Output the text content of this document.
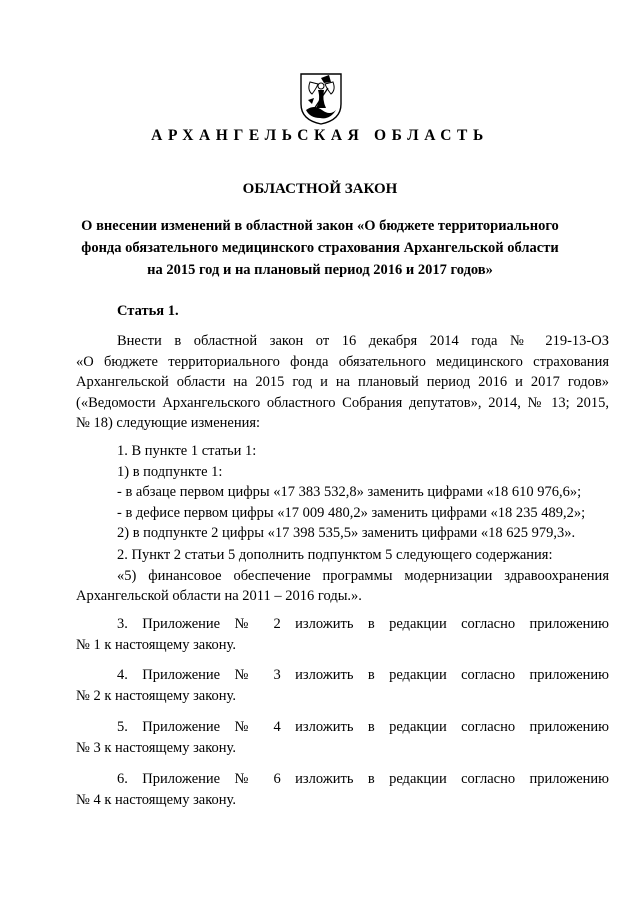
АРХАНГЕЛЬСКАЯ ОБЛАСТЬ
ОБЛАСТНОЙ ЗАКОН
О внесении изменений в областной закон «О бюджете территориального
фонда обязательного медицинского страхования Архангельской области
на 2015 год и на плановый период 2016 и 2017 годов»
Статья 1.
Внести в областной закон от 16 декабря 2014 года № 219-13-ОЗ
«О бюджете территориального фонда обязательного медицинского страхования
Архангельской области на 2015 год и на плановый период 2016 и 2017 годов»
(«Ведомости Архангельского областного Собрания депутатов», 2014, № 13; 2015,
№ 18) следующие изменения:
1. В пункте 1 статьи 1:
1) в подпункте 1:
- в абзаце первом цифры «17 383 532,8» заменить цифрами «18 610 976,6»;
- в дефисе первом цифры «17 009 480,2» заменить цифрами «18 235 489,2»;
2) в подпункте 2 цифры «17 398 535,5» заменить цифрами «18 625 979,3».
2. Пункт 2 статьи 5 дополнить подпунктом 5 следующего содержания:
«5) финансовое обеспечение программы модернизации здравоохранения
Архангельской области на 2011 – 2016 годы.».
3. Приложение № 2 изложить в редакции согласно приложению
№ 1 к настоящему закону.
4. Приложение № 3 изложить в редакции согласно приложению
№ 2 к настоящему закону.
5. Приложение № 4 изложить в редакции согласно приложению
№ 3 к настоящему закону.
6. Приложение № 6 изложить в редакции согласно приложению
№ 4 к настоящему закону.
